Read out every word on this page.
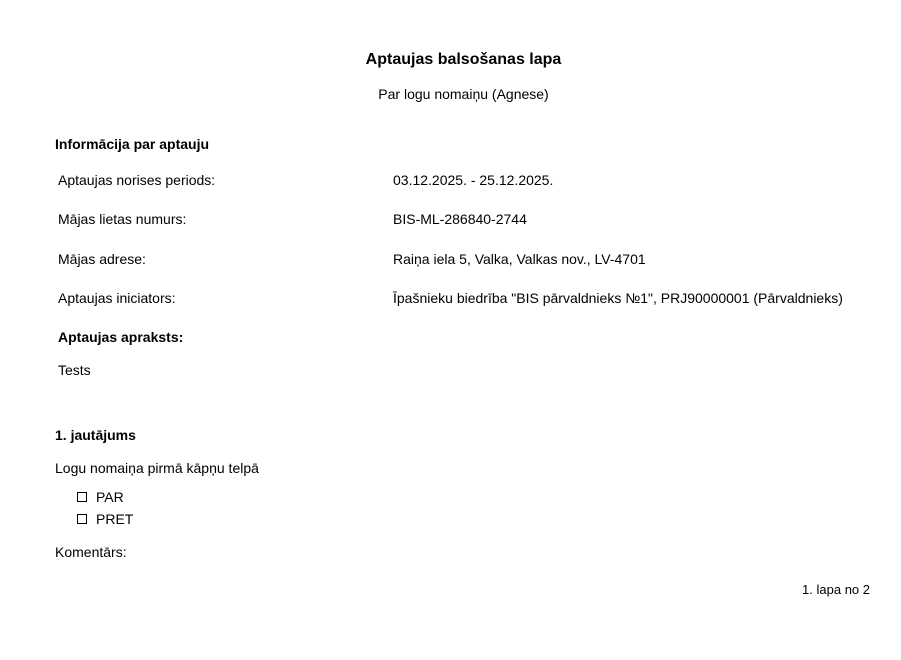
Aptaujas balsošanas lapa
Par logu nomaiņu (Agnese)
Informācija par aptauju
Aptaujas norises periods:	03.12.2025. - 25.12.2025.
Mājas lietas numurs:	BIS-ML-286840-2744
Mājas adrese:	Raiņa iela 5, Valka, Valkas nov., LV-4701
Aptaujas iniciators:	Īpašnieku biedrība "BIS pārvaldnieks №1", PRJ90000001 (Pārvaldnieks)
Aptaujas apraksts:
Tests
1. jautājums
Logu nomaiņa pirmā kāpņu telpā
PAR
PRET
Komentārs:
1. lapa no 2
